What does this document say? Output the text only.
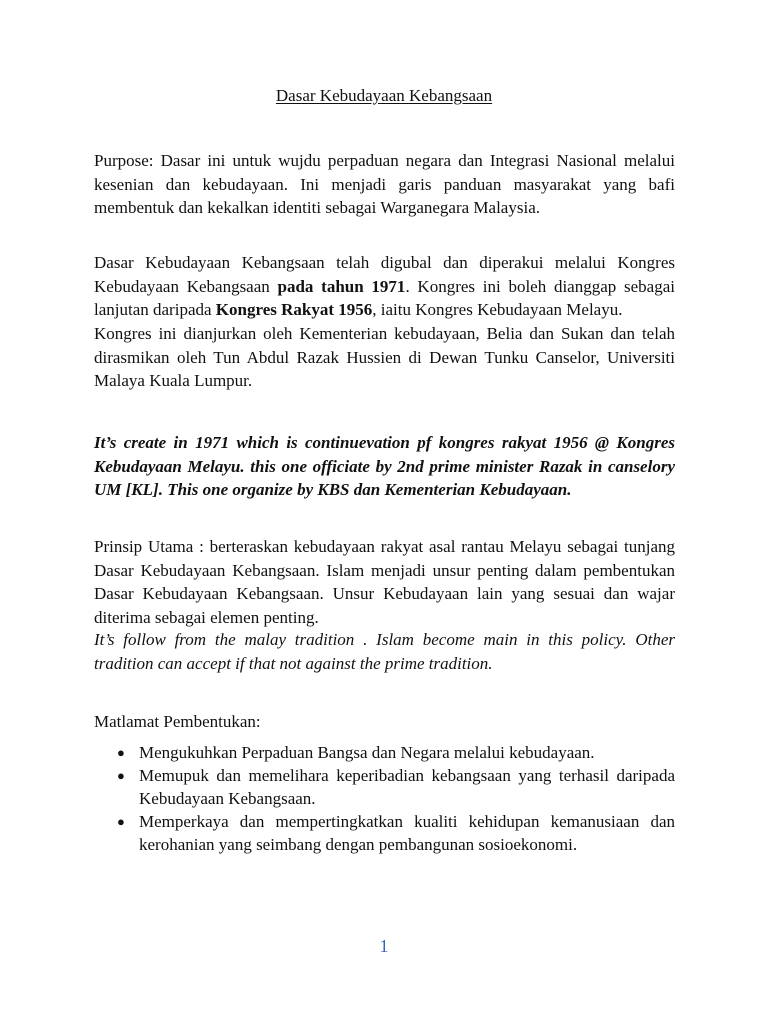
Dasar Kebudayaan Kebangsaan

Purpose: Dasar ini untuk wujdu perpaduan negara dan Integrasi Nasional melalui kesenian dan kebudayaan. Ini menjadi garis panduan masyarakat yang bafi membentuk dan kekalkan identiti sebagai Warganegara Malaysia.

Dasar Kebudayaan Kebangsaan telah digubal dan diperakui melalui Kongres Kebudayaan Kebangsaan pada tahun 1971. Kongres ini boleh dianggap sebagai lanjutan daripada Kongres Rakyat 1956, iaitu Kongres Kebudayaan Melayu.

Kongres ini dianjurkan oleh Kementerian kebudayaan, Belia dan Sukan dan telah dirasmikan oleh Tun Abdul Razak Hussien di Dewan Tunku Canselor, Universiti Malaya Kuala Lumpur.

It’s create in 1971 which is continuevation pf kongres rakyat 1956 @ Kongres Kebudayaan Melayu. this one officiate by 2nd prime minister Razak in canselory UM [KL]. This one organize by KBS dan Kementerian Kebudayaan.

Prinsip Utama : berteraskan kebudayaan rakyat asal rantau Melayu sebagai tunjang Dasar Kebudayaan Kebangsaan. Islam menjadi unsur penting dalam pembentukan Dasar Kebudayaan Kebangsaan. Unsur Kebudayaan lain yang sesuai dan wajar diterima sebagai elemen penting.

It’s follow from the malay tradition . Islam become main in this policy. Other tradition can accept if that not against the prime tradition.

Matlamat Pembentukan:

● Mengukuhkan Perpaduan Bangsa dan Negara melalui kebudayaan.
● Memupuk dan memelihara keperibadian kebangsaan yang terhasil daripada Kebudayaan Kebangsaan.
● Memperkaya dan mempertingkatkan kualiti kehidupan kemanusiaan dan kerohanian yang seimbang dengan pembangunan sosioekonomi.
1
